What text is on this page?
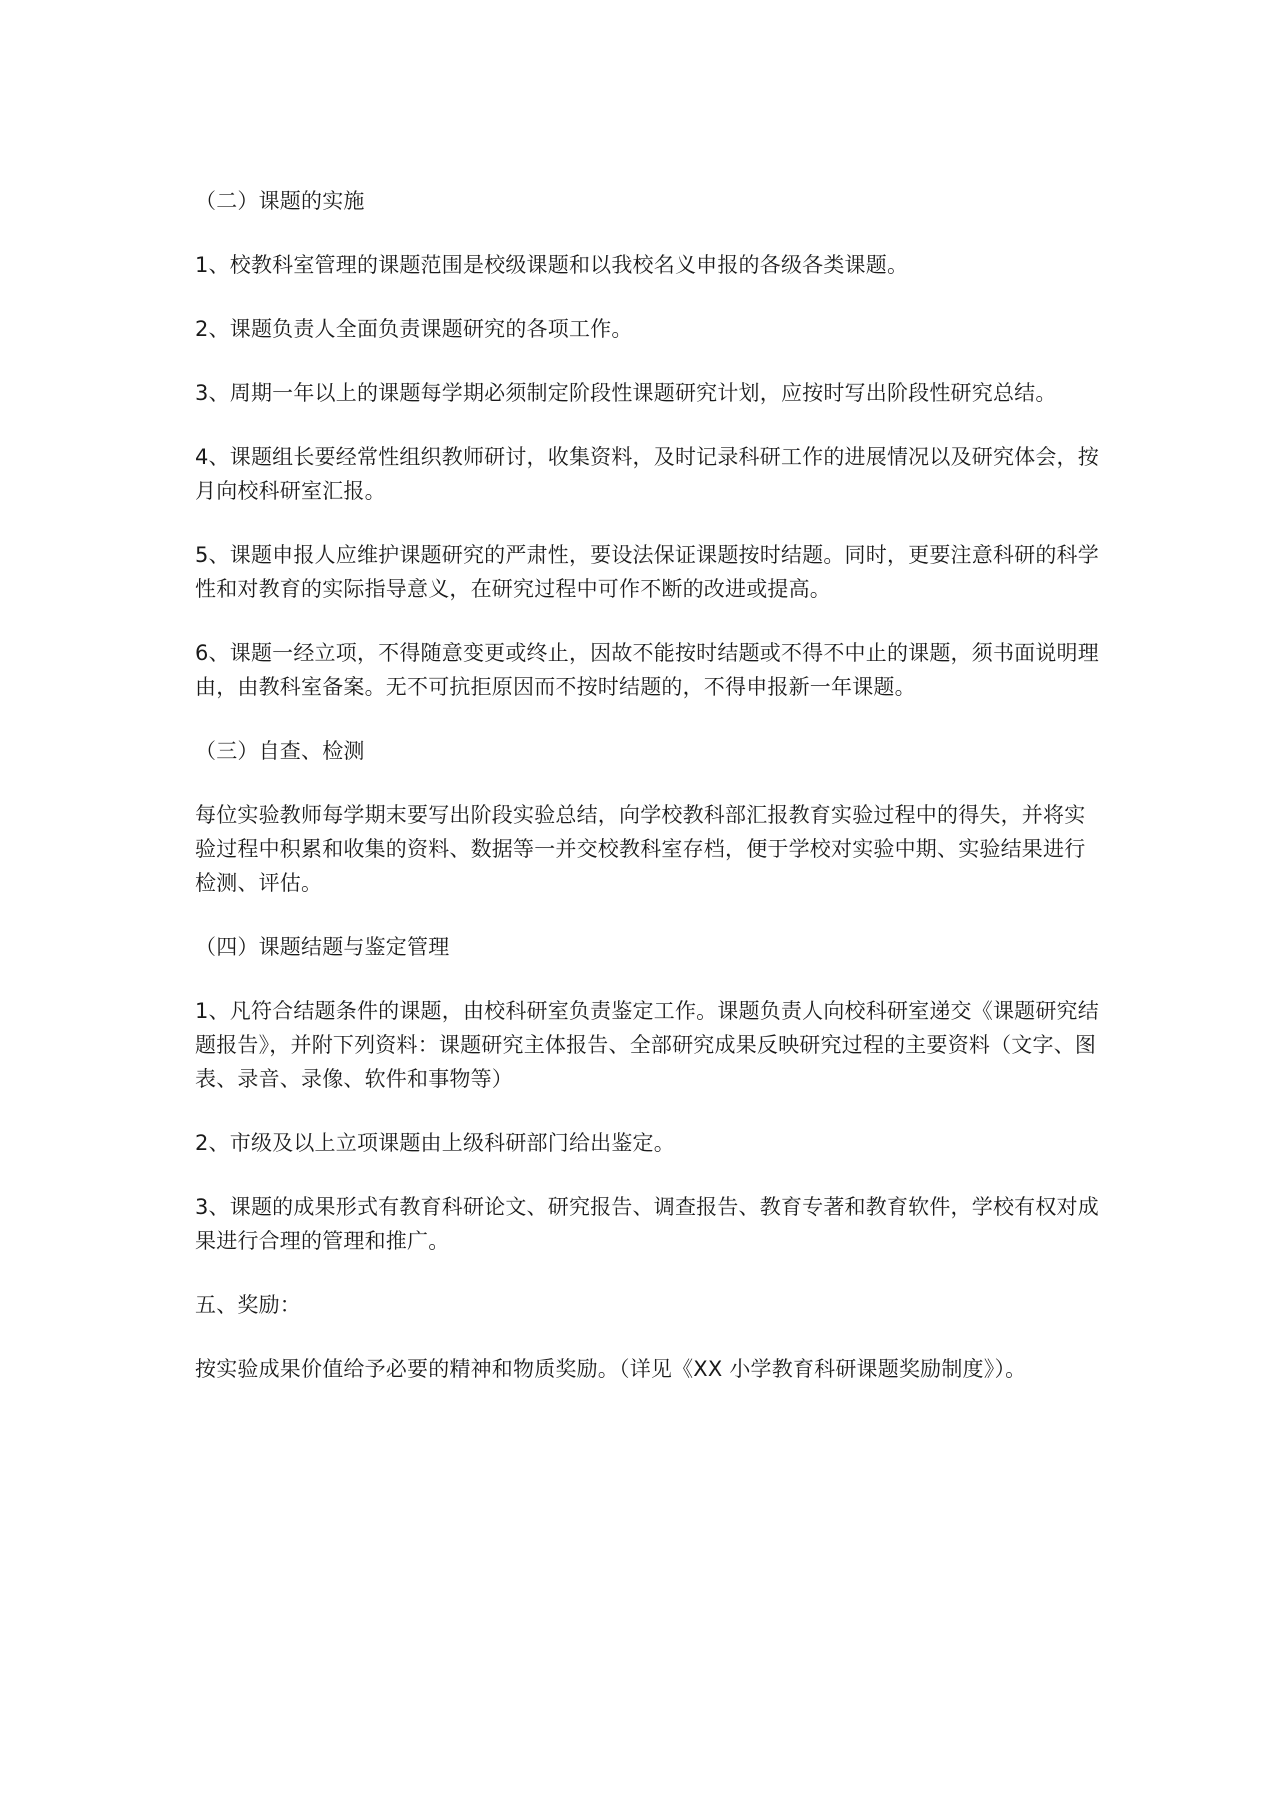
（二）课题的实施

1、校教科室管理的课题范围是校级课题和以我校名义申报的各级各类课题。

2、课题负责人全面负责课题研究的各项工作。

3、周期一年以上的课题每学期必须制定阶段性课题研究计划，应按时写出阶段性研究总结。

4、课题组长要经常性组织教师研讨，收集资料，及时记录科研工作的进展情况以及研究体会，按月向校科研室汇报。

5、课题申报人应维护课题研究的严肃性，要设法保证课题按时结题。同时，更要注意科研的科学性和对教育的实际指导意义，在研究过程中可作不断的改进或提高。

6、课题一经立项，不得随意变更或终止，因故不能按时结题或不得不中止的课题，须书面说明理由，由教科室备案。无不可抗拒原因而不按时结题的，不得申报新一年课题。

（三）自查、检测

每位实验教师每学期末要写出阶段实验总结，向学校教科部汇报教育实验过程中的得失，并将实验过程中积累和收集的资料、数据等一并交校教科室存档，便于学校对实验中期、实验结果进行检测、评估。

（四）课题结题与鉴定管理

1、凡符合结题条件的课题，由校科研室负责鉴定工作。课题负责人向校科研室递交《课题研究结题报告》，并附下列资料：课题研究主体报告、全部研究成果反映研究过程的主要资料（文字、图表、录音、录像、软件和事物等）

2、市级及以上立项课题由上级科研部门给出鉴定。

3、课题的成果形式有教育科研论文、研究报告、调查报告、教育专著和教育软件，学校有权对成果进行合理的管理和推广。

五、奖励：

按实验成果价值给予必要的精神和物质奖励。（详见《XX 小学教育科研课题奖励制度》）。
